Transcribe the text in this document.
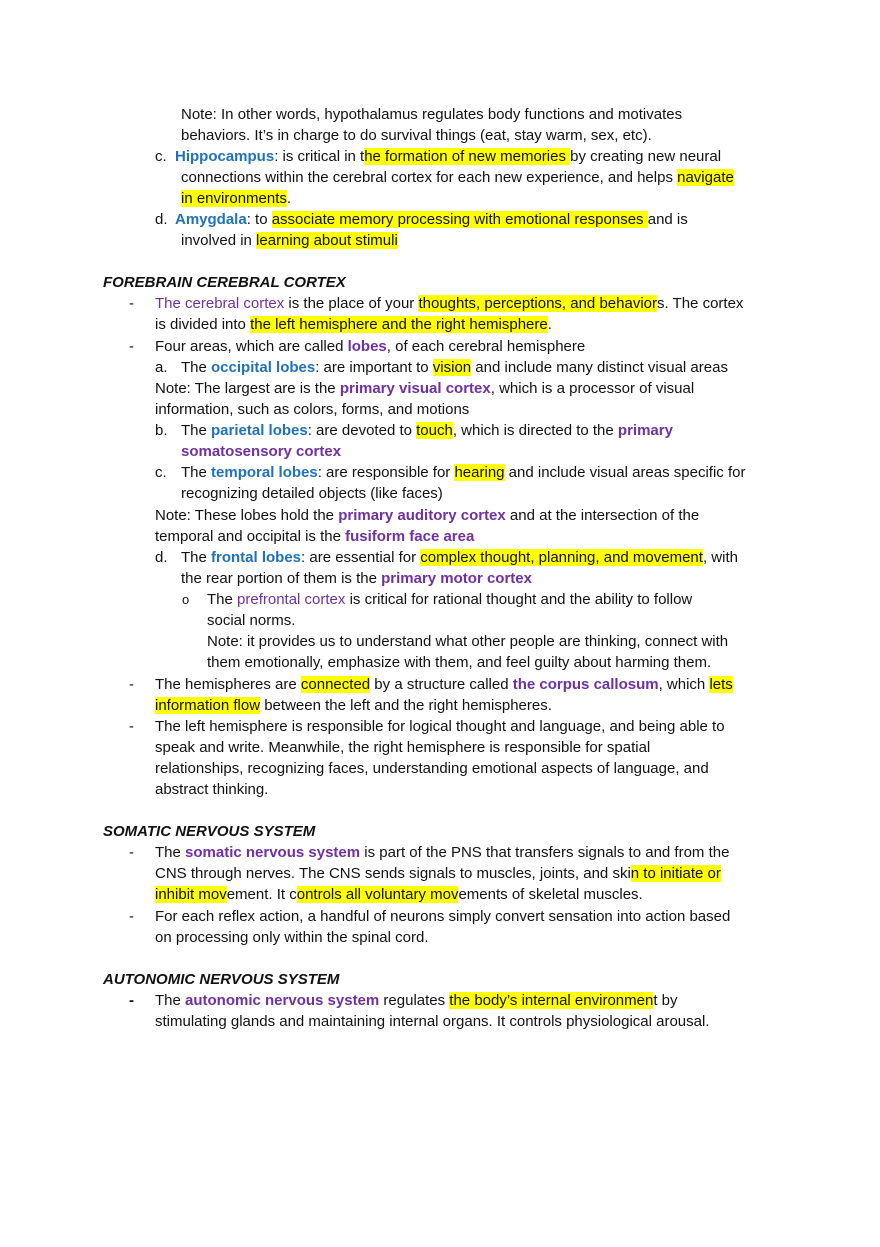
Note: In other words, hypothalamus regulates body functions and motivates
behaviors. It’s in charge to do survival things (eat, stay warm, sex, etc).
c. Hippocampus: is critical in the formation of new memories by creating new neural
connections within the cerebral cortex for each new experience, and helps navigate
in environments.
d. Amygdala: to associate memory processing with emotional responses and is
involved in learning about stimuli
FOREBRAIN CEREBRAL CORTEX
- The cerebral cortex is the place of your thoughts, perceptions, and behaviors. The cortex
is divided into the left hemisphere and the right hemisphere.
- Four areas, which are called lobes, of each cerebral hemisphere
a. The occipital lobes: are important to vision and include many distinct visual areas
Note: The largest are is the primary visual cortex, which is a processor of visual
information, such as colors, forms, and motions
b. The parietal lobes: are devoted to touch, which is directed to the primary
somatosensory cortex
c. The temporal lobes: are responsible for hearing and include visual areas specific for
recognizing detailed objects (like faces)
Note: These lobes hold the primary auditory cortex and at the intersection of the
temporal and occipital is the fusiform face area
d. The frontal lobes: are essential for complex thought, planning, and movement, with
the rear portion of them is the primary motor cortex
o The prefrontal cortex is critical for rational thought and the ability to follow
social norms.
Note: it provides us to understand what other people are thinking, connect with
them emotionally, emphasize with them, and feel guilty about harming them.
- The hemispheres are connected by a structure called the corpus callosum, which lets
information flow between the left and the right hemispheres.
- The left hemisphere is responsible for logical thought and language, and being able to
speak and write. Meanwhile, the right hemisphere is responsible for spatial
relationships, recognizing faces, understanding emotional aspects of language, and
abstract thinking.
SOMATIC NERVOUS SYSTEM
- The somatic nervous system is part of the PNS that transfers signals to and from the
CNS through nerves. The CNS sends signals to muscles, joints, and skin to initiate or
inhibit movement. It controls all voluntary movements of skeletal muscles.
- For each reflex action, a handful of neurons simply convert sensation into action based
on processing only within the spinal cord.
AUTONOMIC NERVOUS SYSTEM
- The autonomic nervous system regulates the body’s internal environment by
stimulating glands and maintaining internal organs. It controls physiological arousal.
